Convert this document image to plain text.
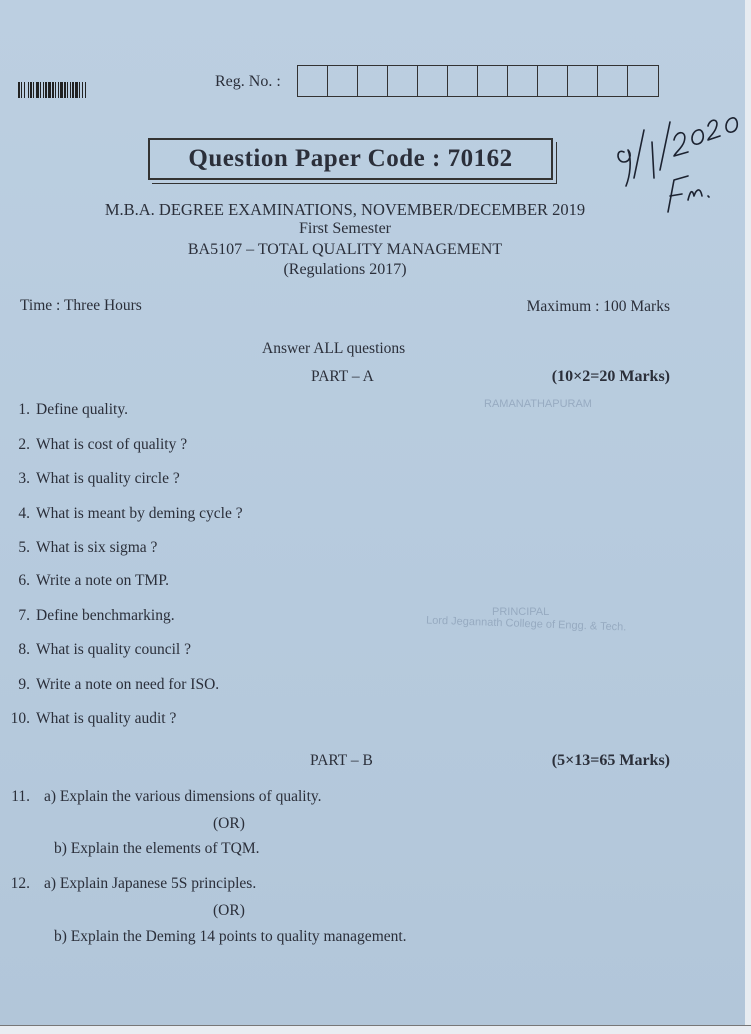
Reg. No. :
Question Paper Code : 70162
M.B.A. DEGREE EXAMINATIONS, NOVEMBER/DECEMBER 2019
First Semester
BA5107 – TOTAL QUALITY MANAGEMENT
(Regulations 2017)
Time : Three Hours	Maximum : 100 Marks
Answer ALL questions
PART – A	(10×2=20 Marks)
1. Define quality.
2. What is cost of quality ?
3. What is quality circle ?
4. What is meant by deming cycle ?
5. What is six sigma ?
6. Write a note on TMP.
7. Define benchmarking.
8. What is quality council ?
9. Write a note on need for ISO.
10. What is quality audit ?
PART – B	(5×13=65 Marks)
11. a) Explain the various dimensions of quality.
(OR)
b) Explain the elements of TQM.
12. a) Explain Japanese 5S principles.
(OR)
b) Explain the Deming 14 points to quality management.
RAMANATHAPURAM
PRINCIPAL
Lord Jegannath College of Engg. & Tech.
